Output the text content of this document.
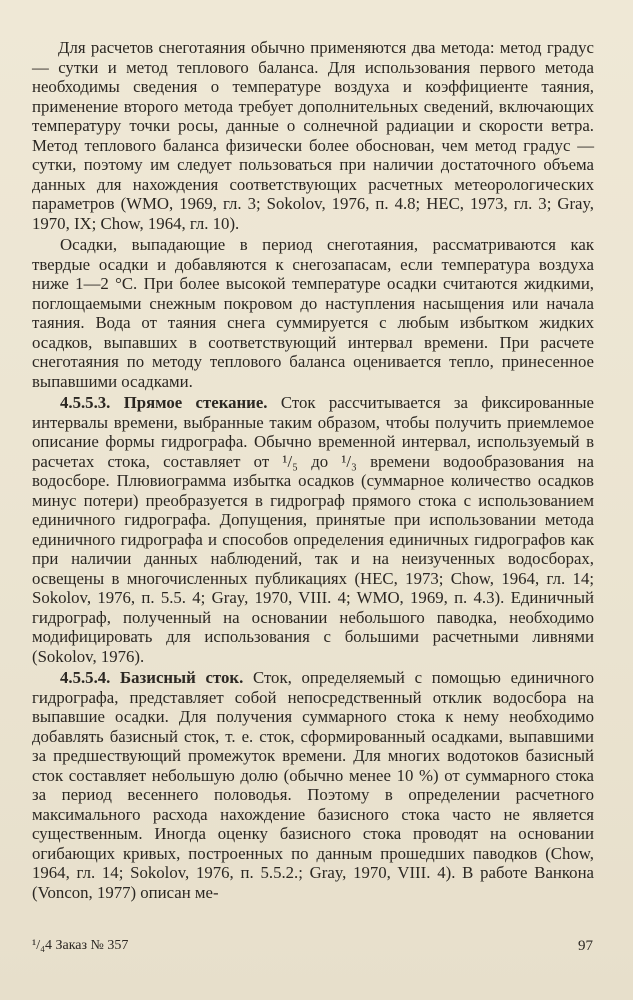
Для расчетов снеготаяния обычно применяются два метода: метод градус — сутки и метод теплового баланса. Для использования первого метода необходимы сведения о температуре воздуха и коэффициенте таяния, применение второго метода требует дополнительных сведений, включающих температуру точки росы, данные о солнечной радиации и скорости ветра. Метод теплового баланса физически более обоснован, чем метод градус — сутки, поэтому им следует пользоваться при наличии достаточного объема данных для нахождения соответствующих расчетных метеорологических параметров (WMO, 1969, гл. 3; Sokolov, 1976, п. 4.8; НЕС, 1973, гл. 3; Gray, 1970, IX; Chow, 1964, гл. 10).

Осадки, выпадающие в период снеготаяния, рассматриваются как твердые осадки и добавляются к снегозапасам, если температура воздуха ниже 1—2 °С. При более высокой температуре осадки считаются жидкими, поглощаемыми снежным покровом до наступления насыщения или начала таяния. Вода от таяния снега суммируется с любым избытком жидких осадков, выпавших в соответствующий интервал времени. При расчете снеготаяния по методу теплового баланса оценивается тепло, принесенное выпавшими осадками.

4.5.5.3. Прямое стекание. Сток рассчитывается за фиксированные интервалы времени, выбранные таким образом, чтобы получить приемлемое описание формы гидрографа. Обычно временной интервал, используемый в расчетах стока, составляет от ¹/₅ до ¹/₃ времени водообразования на водосборе. Плювиограмма избытка осадков (суммарное количество осадков минус потери) преобразуется в гидрограф прямого стока с использованием единичного гидрографа. Допущения, принятые при использовании метода единичного гидрографа и способов определения единичных гидрографов как при наличии данных наблюдений, так и на неизученных водосборах, освещены в многочисленных публикациях (НЕС, 1973; Chow, 1964, гл. 14; Sokolov, 1976, п. 5.5. 4; Gray, 1970, VIII. 4; WMO, 1969, п. 4.3). Единичный гидрограф, полученный на основании небольшого паводка, необходимо модифицировать для использования с большими расчетными ливнями (Sokolov, 1976).

4.5.5.4. Базисный сток. Сток, определяемый с помощью единичного гидрографа, представляет собой непосредственный отклик водосбора на выпавшие осадки. Для получения суммарного стока к нему необходимо добавлять базисный сток, т. е. сток, сформированный осадками, выпавшими за предшествующий промежуток времени. Для многих водотоков базисный сток составляет небольшую долю (обычно менее 10 %) от суммарного стока за период весеннего половодья. Поэтому в определении расчетного максимального расхода нахождение базисного стока часто не является существенным. Иногда оценку базисного стока проводят на основании огибающих кривых, построенных по данным прошедших паводков (Chow, 1964, гл. 14; Sokolov, 1976, п. 5.5.2.; Gray, 1970, VIII. 4). В работе Ванкона (Voncon, 1977) описан ме-

¹/₄4 Заказ № 357	97
